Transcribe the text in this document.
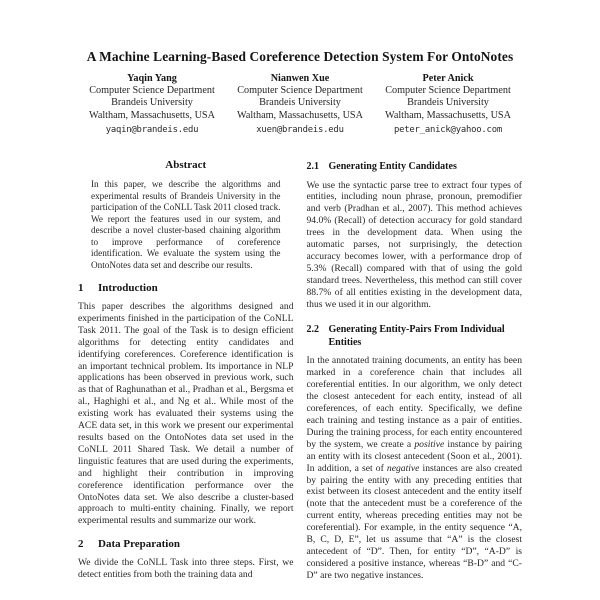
A Machine Learning-Based Coreference Detection System For OntoNotes
Yaqin Yang
Computer Science Department
Brandeis University
Waltham, Massachusetts, USA
yaqin@brandeis.edu
Nianwen Xue
Computer Science Department
Brandeis University
Waltham, Massachusetts, USA
xuen@brandeis.edu
Peter Anick
Computer Science Department
Brandeis University
Waltham, Massachusetts, USA
peter_anick@yahoo.com
Abstract

In this paper, we describe the algorithms and experimental results of Brandeis University in the participation of the CoNLL Task 2011 closed track. We report the features used in our system, and describe a novel cluster-based chaining algorithm to improve performance of coreference identification. We evaluate the system using the OntoNotes data set and describe our results.

1	Introduction

This paper describes the algorithms designed and experiments finished in the participation of the CoNLL Task 2011. The goal of the Task is to design efficient algorithms for detecting entity candidates and identifying coreferences. Coreference identification is an important technical problem. Its importance in NLP applications has been observed in previous work, such as that of Raghunathan et al., Pradhan et al., Bergsma et al., Haghighi et al., and Ng et al.. While most of the existing work has evaluated their systems using the ACE data set, in this work we present our experimental results based on the OntoNotes data set used in the CoNLL 2011 Shared Task. We detail a number of linguistic features that are used during the experiments, and highlight their contribution in improving coreference identification performance over the OntoNotes data set. We also describe a cluster-based approach to multi-entity chaining. Finally, we report experimental results and summarize our work.

2	Data Preparation

We divide the CoNLL Task into three steps. First, we detect entities from both the training data and

2.1 Generating Entity Candidates

We use the syntactic parse tree to extract four types of entities, including noun phrase, pronoun, premodifier and verb (Pradhan et al., 2007). This method achieves 94.0% (Recall) of detection accuracy for gold standard trees in the development data. When using the automatic parses, not surprisingly, the detection accuracy becomes lower, with a performance drop of 5.3% (Recall) compared with that of using the gold standard trees. Nevertheless, this method can still cover 88.7% of all entities existing in the development data, thus we used it in our algorithm.

2.2 Generating Entity-Pairs From Individual Entities

In the annotated training documents, an entity has been marked in a coreference chain that includes all coreferential entities. In our algorithm, we only detect the closest antecedent for each entity, instead of all coreferences, of each entity. Specifically, we define each training and testing instance as a pair of entities. During the training process, for each entity encountered by the system, we create a positive instance by pairing an entity with its closest antecedent (Soon et al., 2001). In addition, a set of negative instances are also created by pairing the entity with any preceding entities that exist between its closest antecedent and the entity itself (note that the antecedent must be a coreference of the current entity, whereas preceding entities may not be coreferential). For example, in the entity sequence “A, B, C, D, E”, let us assume that “A” is the closest antecedent of “D”. Then, for entity “D”, “A-D” is considered a positive instance, whereas “B-D” and “C-D” are two negative instances.
